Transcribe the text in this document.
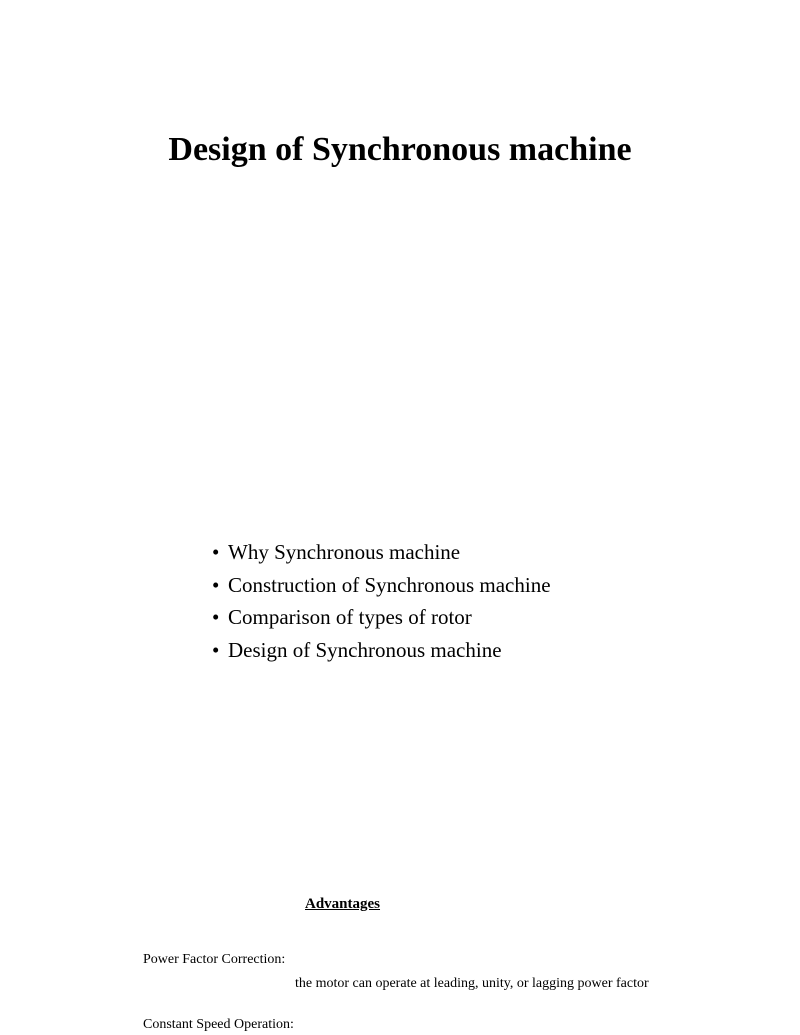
Design of Synchronous machine
• Why Synchronous machine
• Construction of Synchronous machine
• Comparison of types of rotor
• Design of Synchronous machine
Advantages
Power Factor Correction:
the motor can operate at leading, unity, or lagging power factor
Constant Speed Operation:
